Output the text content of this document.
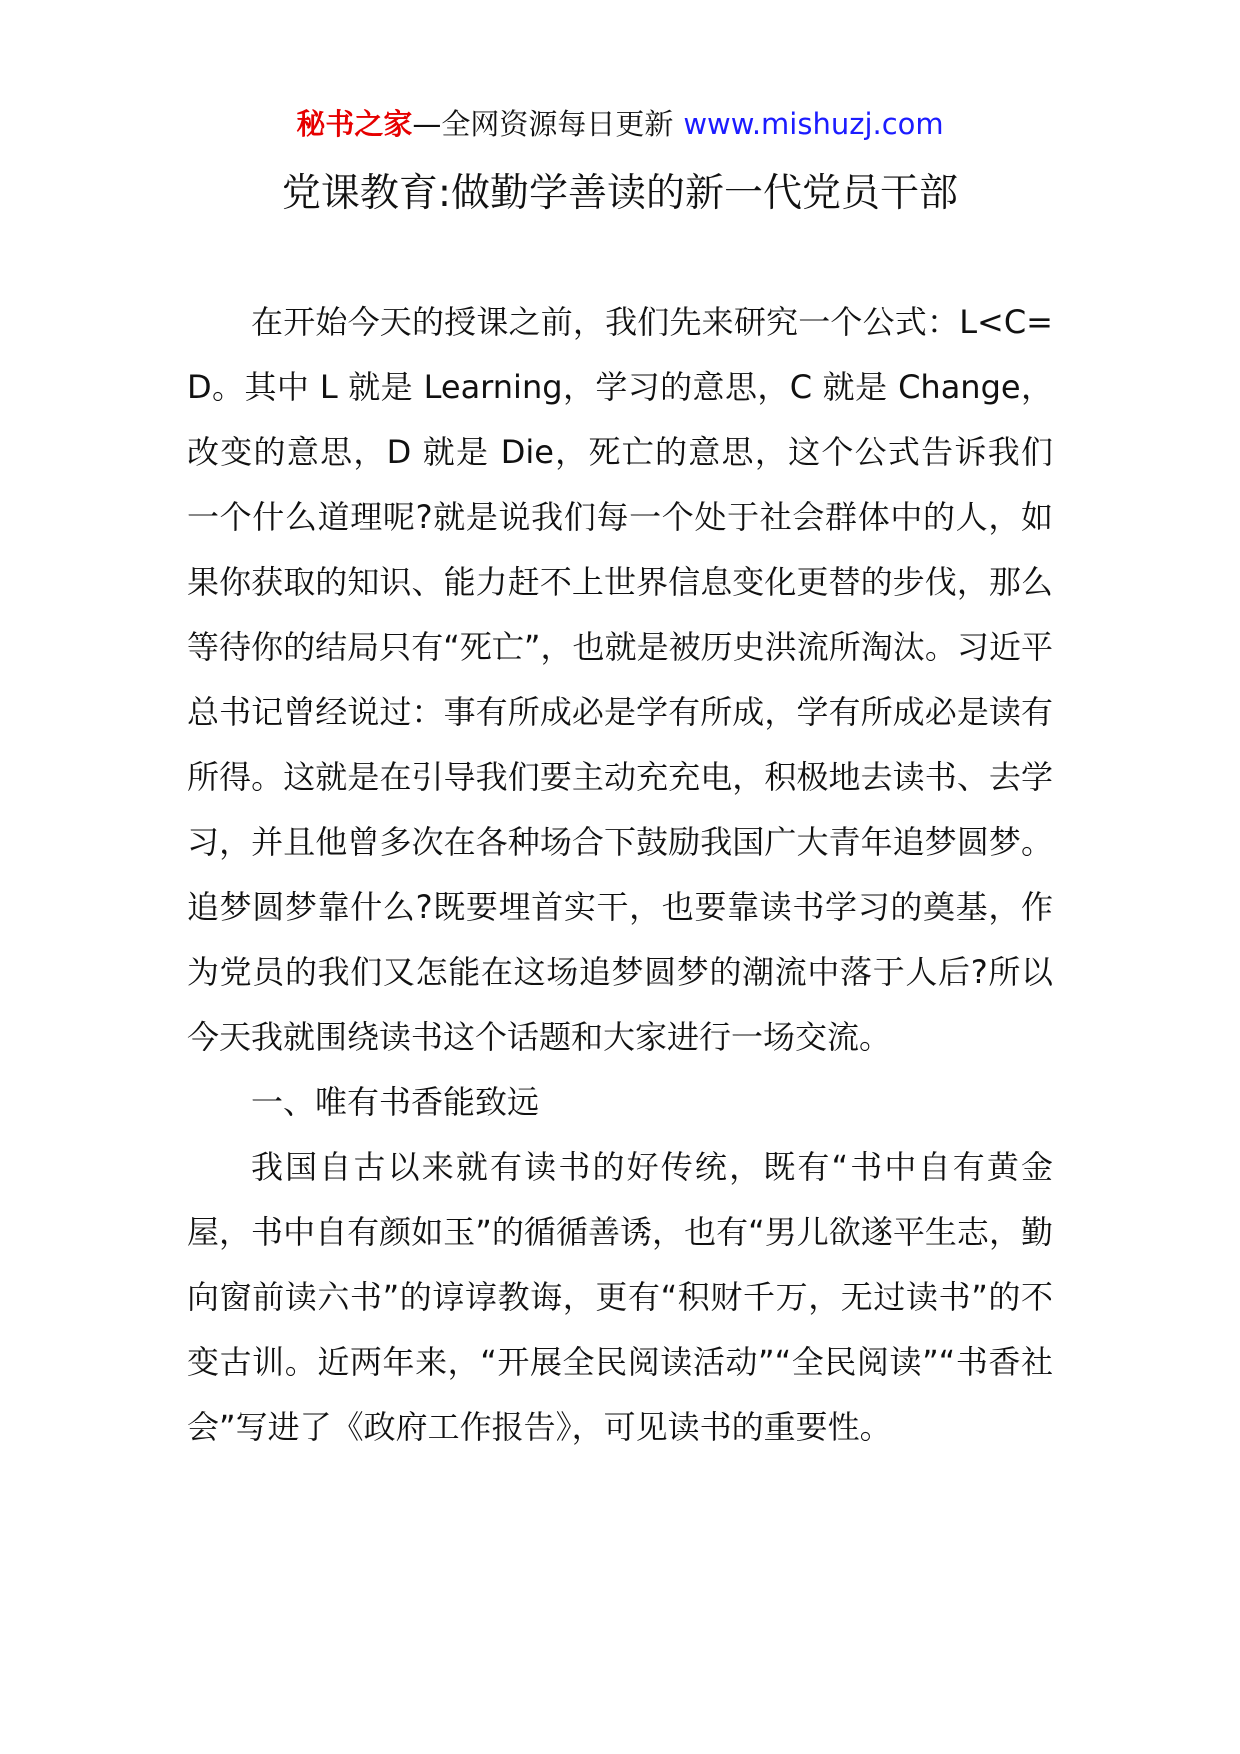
秘书之家—全网资源每日更新 www.mishuzj.com
党课教育:做勤学善读的新一代党员干部

在开始今天的授课之前，我们先来研究一个公式：L<C=D。其中 L 就是 Learning，学习的意思，C 就是 Change，改变的意思，D 就是 Die，死亡的意思，这个公式告诉我们一个什么道理呢?就是说我们每一个处于社会群体中的人，如果你获取的知识、能力赶不上世界信息变化更替的步伐，那么等待你的结局只有“死亡”，也就是被历史洪流所淘汰。习近平总书记曾经说过：事有所成必是学有所成，学有所成必是读有所得。这就是在引导我们要主动充充电，积极地去读书、去学习，并且他曾多次在各种场合下鼓励我国广大青年追梦圆梦。追梦圆梦靠什么?既要埋首实干，也要靠读书学习的奠基，作为党员的我们又怎能在这场追梦圆梦的潮流中落于人后?所以今天我就围绕读书这个话题和大家进行一场交流。

一、唯有书香能致远

我国自古以来就有读书的好传统，既有“书中自有黄金屋，书中自有颜如玉”的循循善诱，也有“男儿欲遂平生志，勤向窗前读六书”的谆谆教诲，更有“积财千万，无过读书”的不变古训。近两年来，“开展全民阅读活动”“全民阅读”“书香社会”写进了《政府工作报告》，可见读书的重要性。
